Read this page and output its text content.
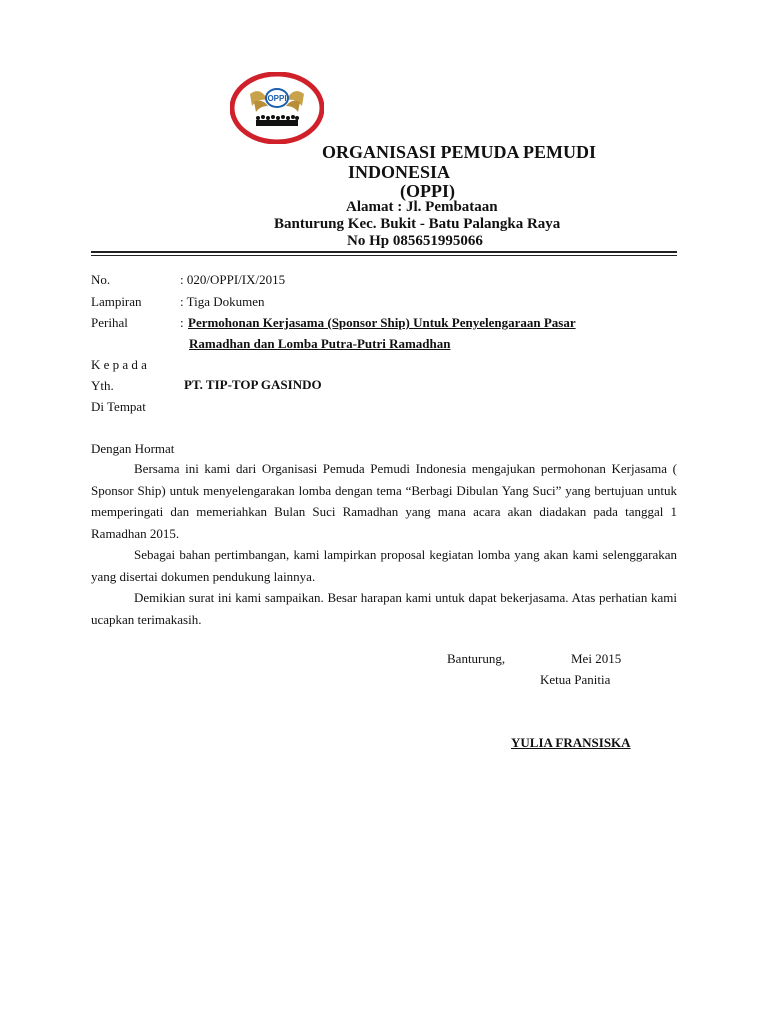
OPPI
ORGANISASI PEMUDA PEMUDI
INDONESIA
(OPPI)
Alamat : Jl. Pembataan
Banturung Kec. Bukit - Batu Palangka Raya
No Hp 085651995066
No.	: 020/OPPI/IX/2015
Lampiran	: Tiga Dokumen
Perihal	: Permohonan Kerjasama (Sponsor Ship) Untuk Penyelengaraan Pasar
Ramadhan dan Lomba Putra-Putri Ramadhan
K e p a d a
Yth.	PT. TIP-TOP GASINDO
Di Tempat
Dengan Hormat
Bersama ini kami dari Organisasi Pemuda Pemudi Indonesia mengajukan permohonan Kerjasama ( Sponsor Ship) untuk menyelengarakan lomba dengan tema “Berbagi Dibulan Yang Suci” yang bertujuan untuk memperingati dan memeriahkan Bulan Suci Ramadhan yang mana acara akan diadakan pada tanggal 1 Ramadhan 2015.
Sebagai bahan pertimbangan, kami lampirkan proposal kegiatan lomba yang akan kami selenggarakan yang disertai dokumen pendukung lainnya.
Demikian surat ini kami sampaikan. Besar harapan kami untuk dapat bekerjasama. Atas perhatian kami ucapkan terimakasih.
Banturung,	Mei 2015
Ketua Panitia
YULIA FRANSISKA
